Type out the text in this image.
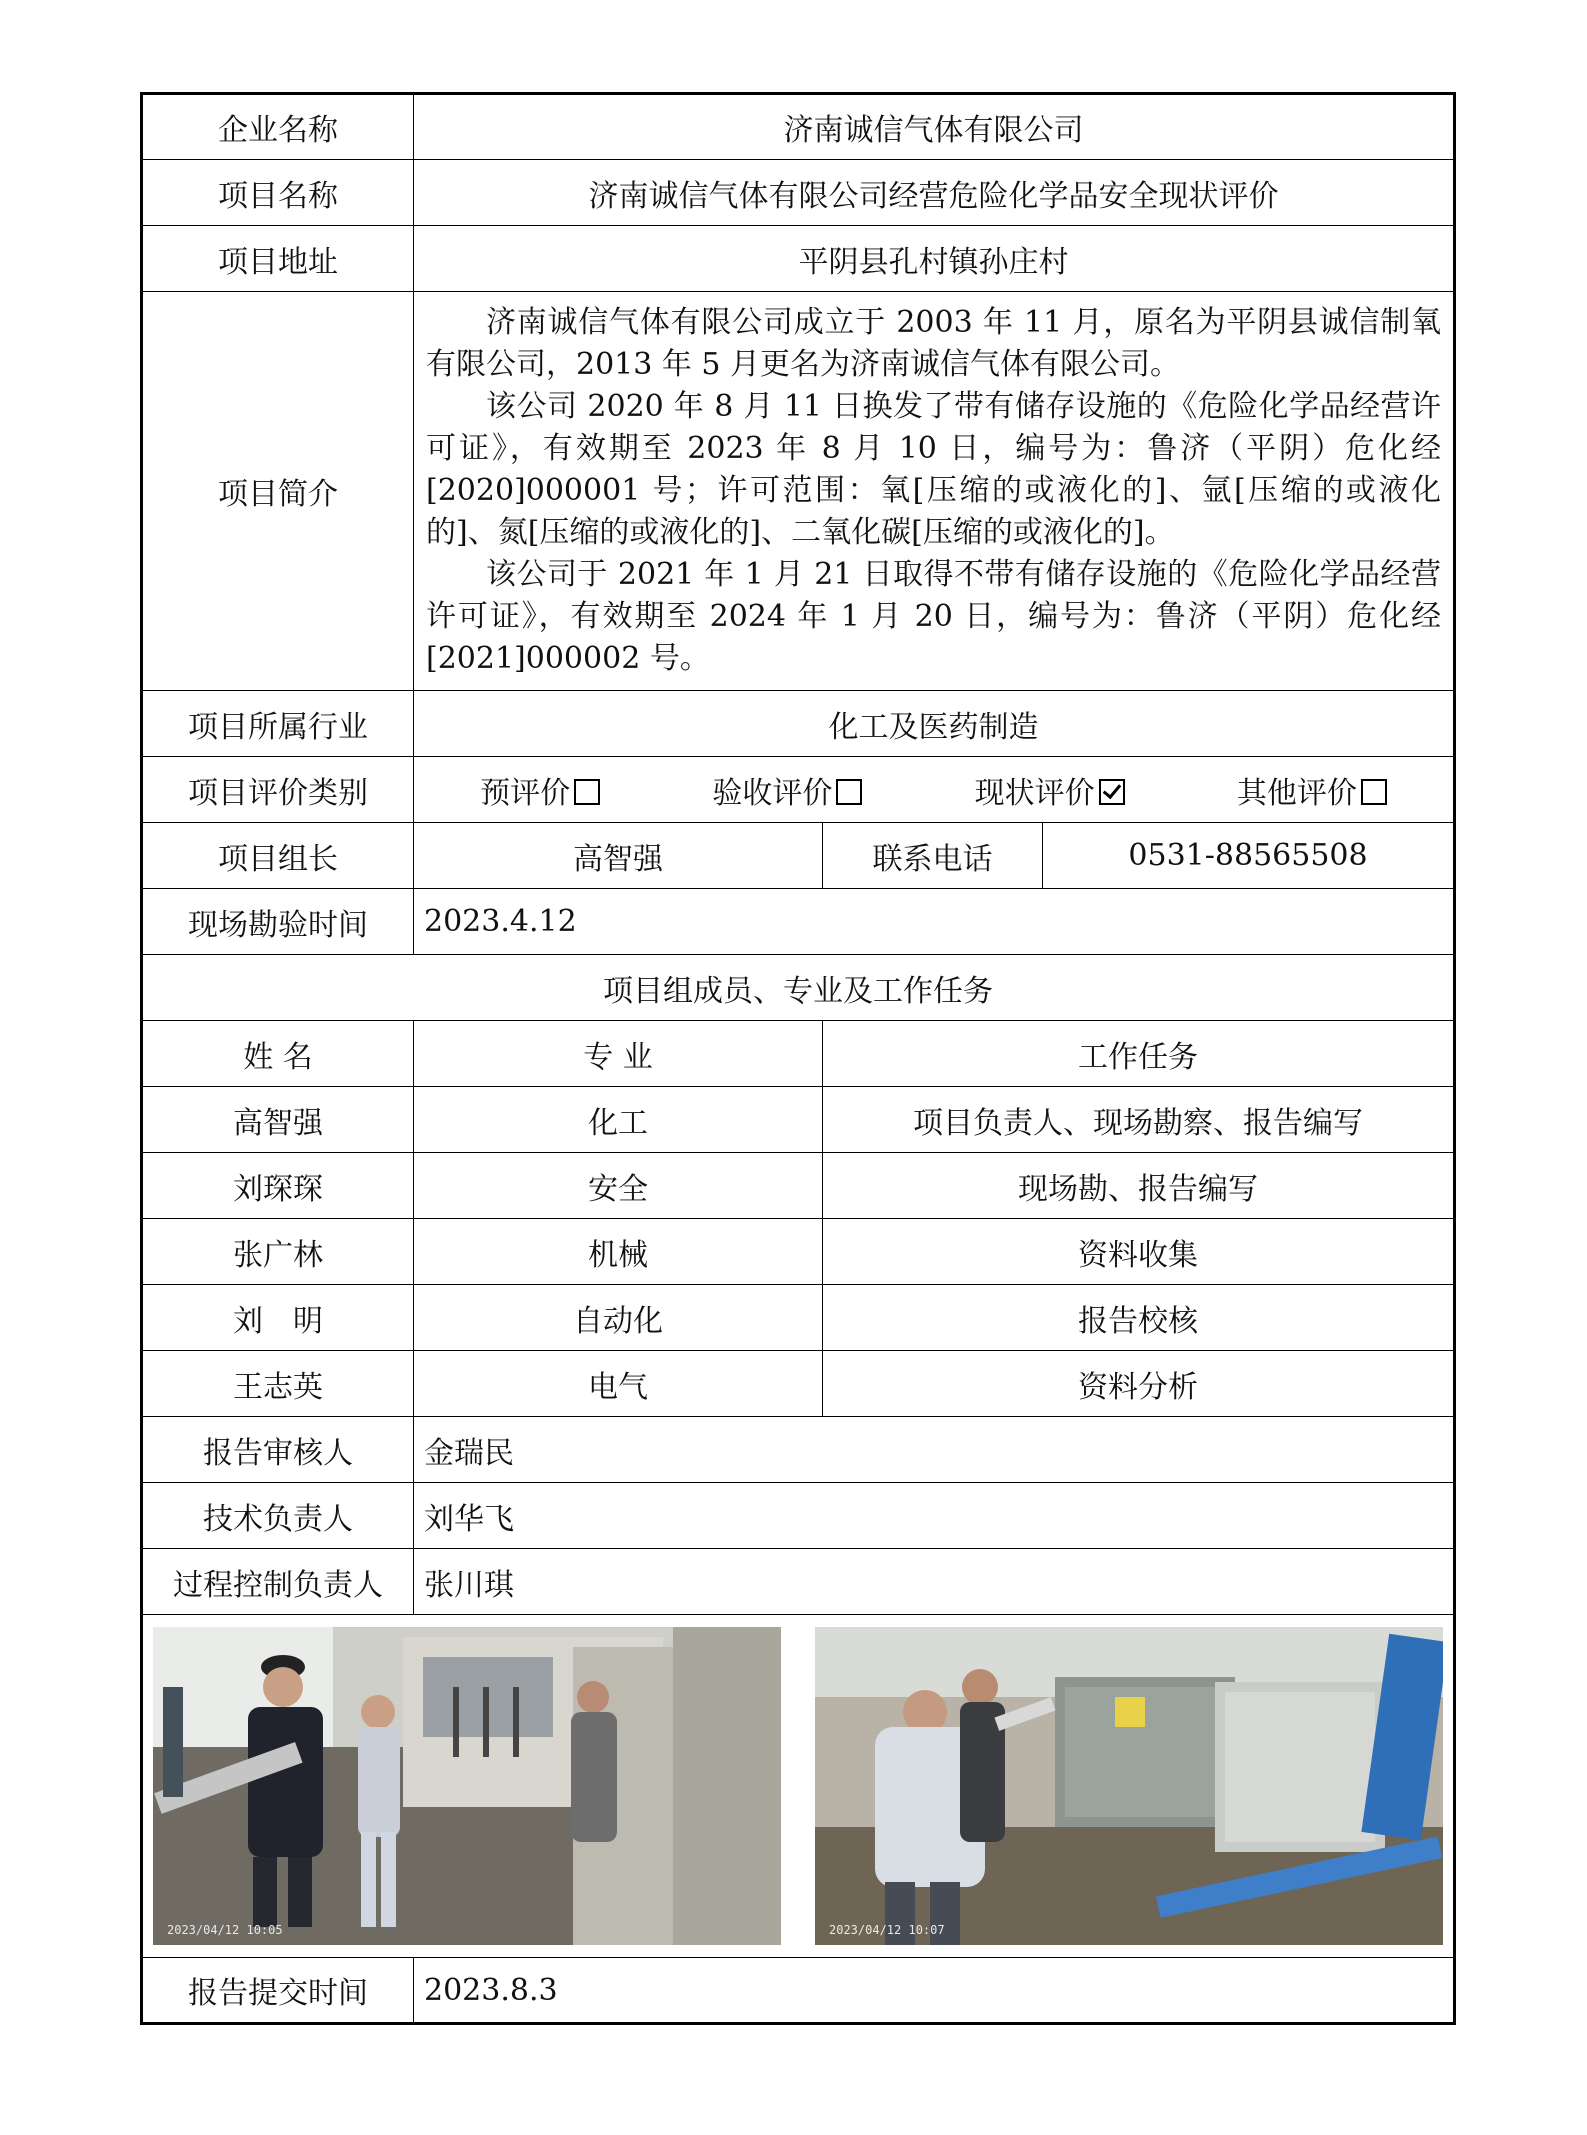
企业名称	济南诚信气体有限公司		
项目名称	济南诚信气体有限公司经营危险化学品安全现状评价		
项目地址	平阴县孔村镇孙庄村		
项目简介	济南诚信气体有限公司成立于 2003 年 11 月，原名为平阴县诚信制氧有限公司，2013 年 5 月更名为济南诚信气体有限公司。

该公司 2020 年 8 月 11 日换发了带有储存设施的《危险化学品经营许可证》，有效期至 2023 年 8 月 10 日，编号为：鲁济（平阴）危化经[2020]000001 号；许可范围：氧[压缩的或液化的]、氩[压缩的或液化的]、氮[压缩的或液化的]、二氧化碳[压缩的或液化的]。

该公司于 2021 年 1 月 21 日取得不带有储存设施的《危险化学品经营许可证》，有效期至 2024 年 1 月 20 日，编号为：鲁济（平阴）危化经[2021]000002 号。		

项目所属行业	化工及医药制造		
项目评价类别	预评价 验收评价 现状评价 其他评价		

项目组长	高智强	联系电话	0531-88565508
现场勘验时间	2023.4.12		
项目组成员、专业及工作任务			
姓 名	专 业	工作任务	
高智强	化工	项目负责人、现场勘察、报告编写	
刘琛琛	安全	现场勘、报告编写	
张广林	机械	资料收集	
刘　明	自动化	报告校核	
王志英	电气	资料分析	
报告审核人	金瑞民		
技术负责人	刘华飞		
过程控制负责人	张川琪		

2023/04/12 10:05 2023/04/12 10:07			

报告提交时间	2023.8.3		
